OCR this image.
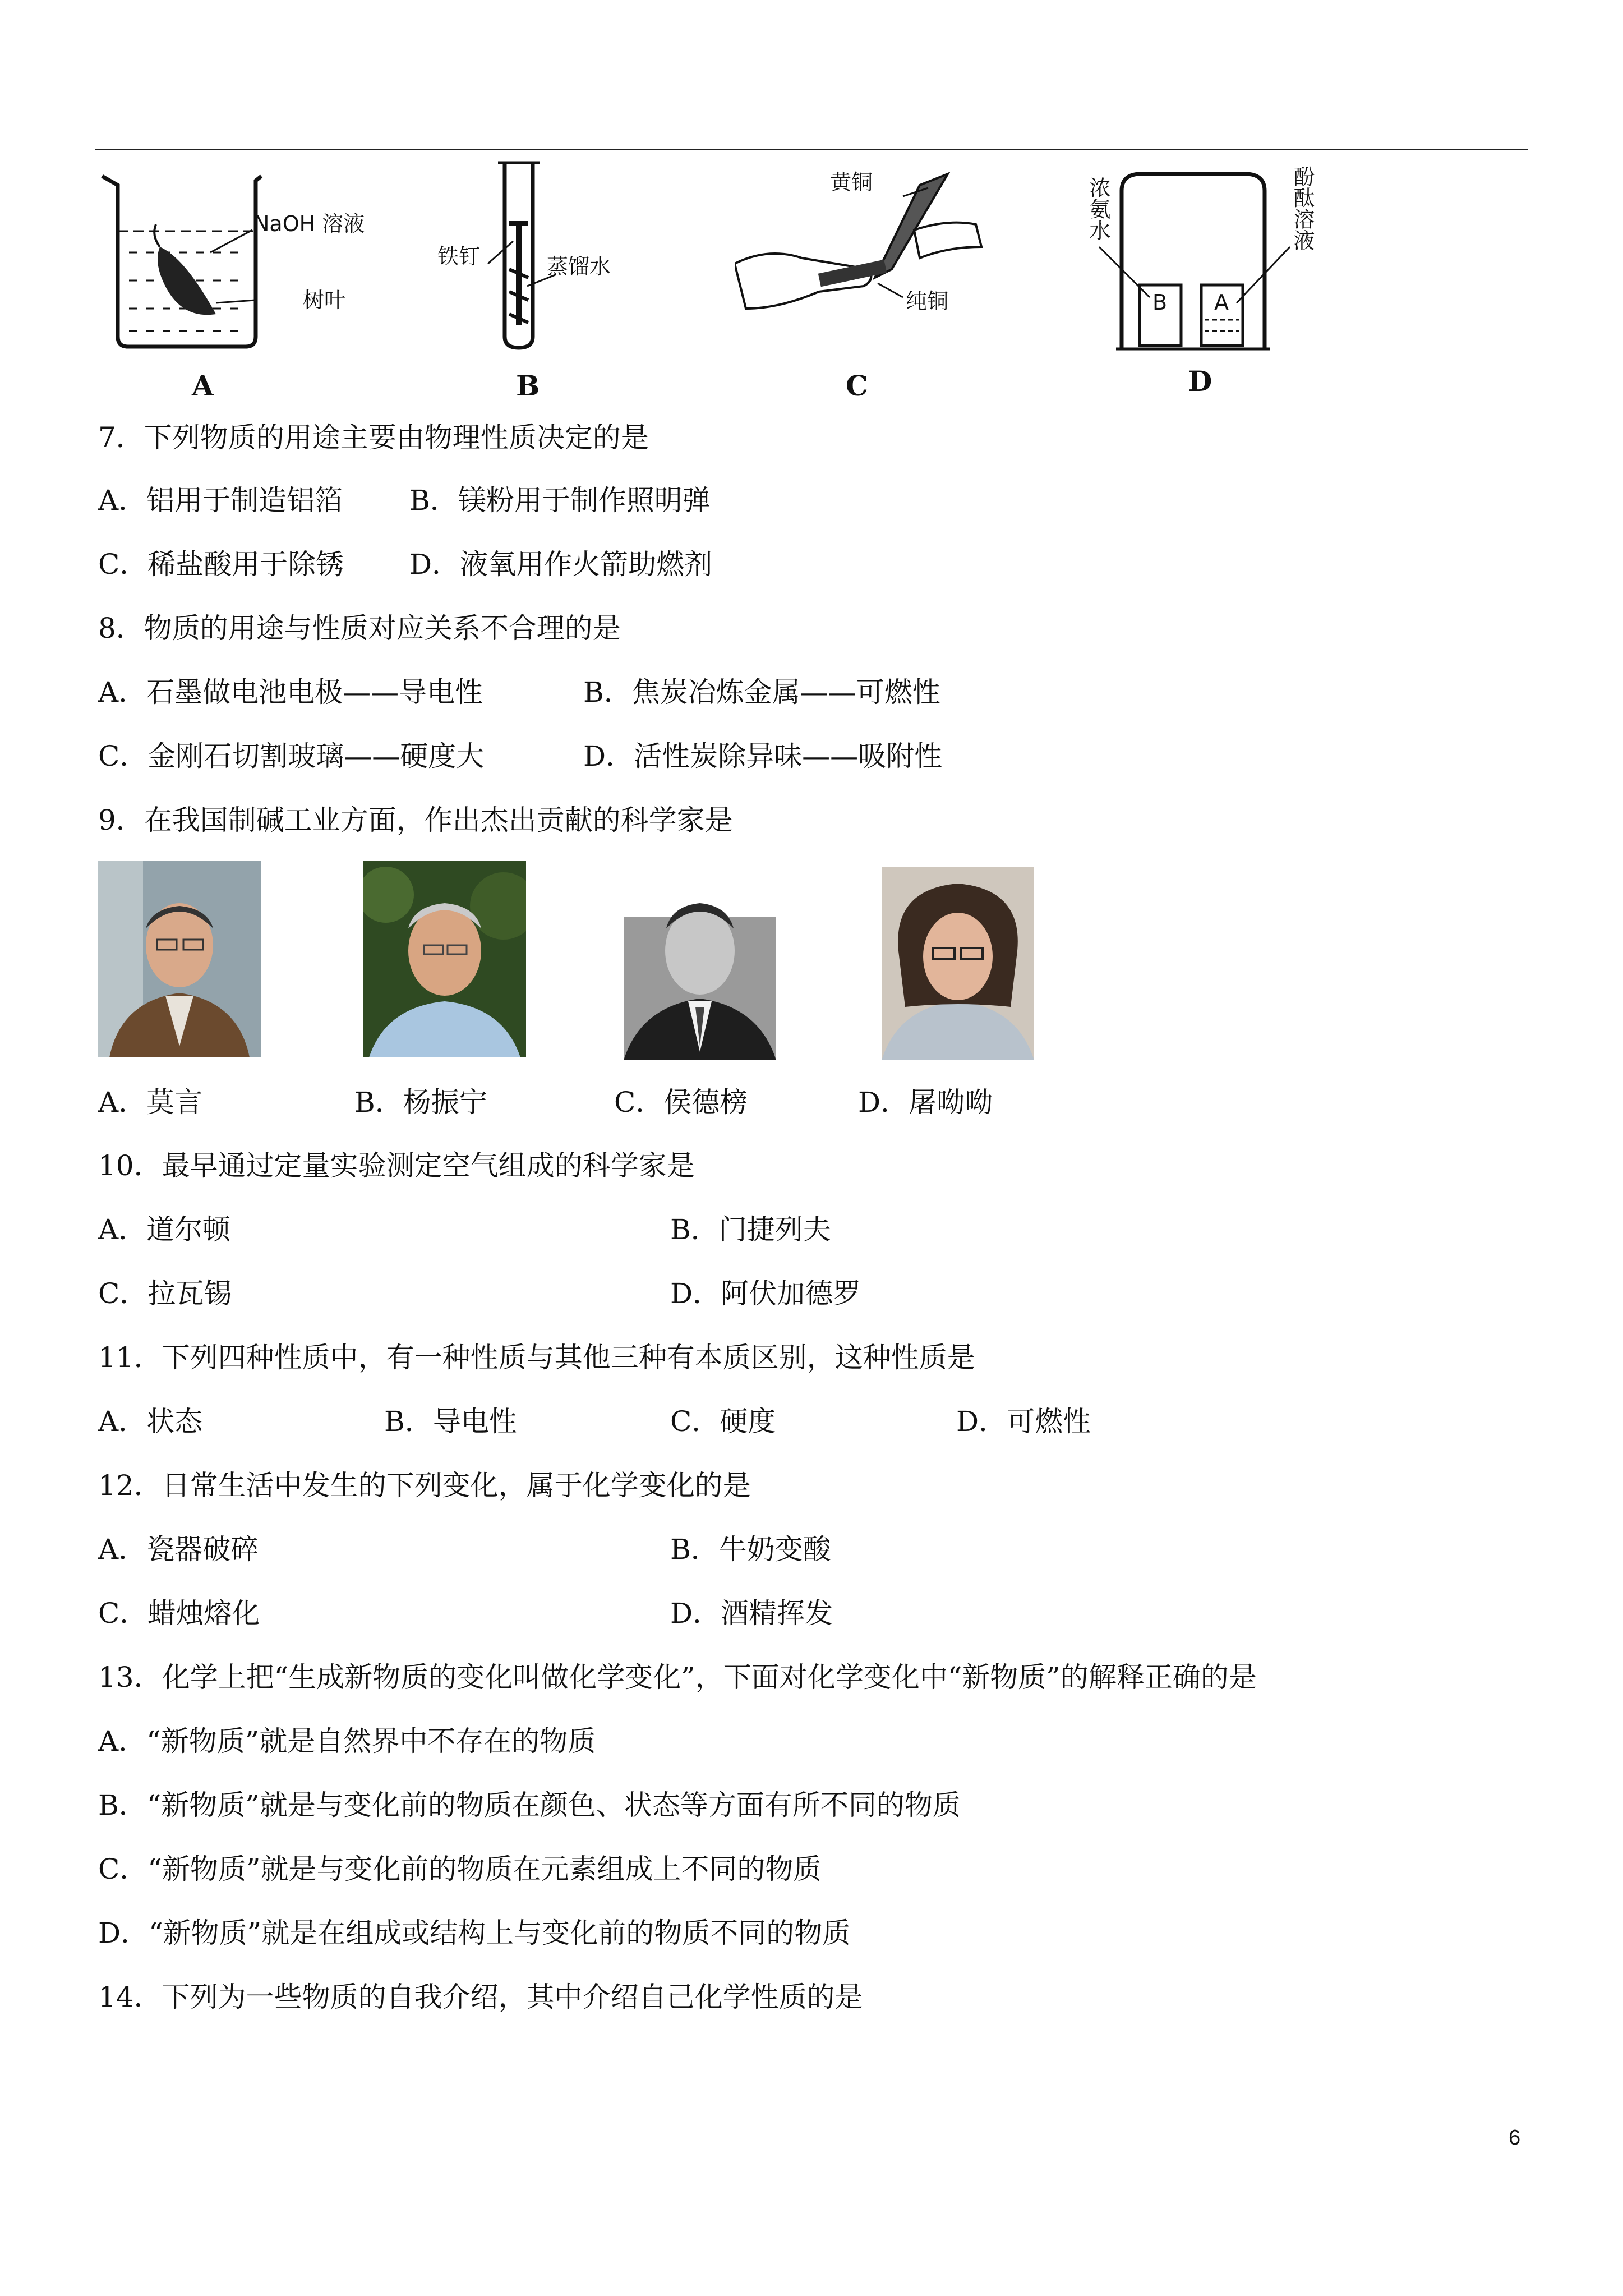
NaOH 溶液
树叶
A
铁钉	蒸馏水
B
黄铜
纯铜
C
B A
浓氨水	酚酞溶液
D
7．下列物质的用途主要由物理性质决定的是
A．铝用于制造铝箔 B．镁粉用于制作照明弹
C．稀盐酸用于除锈 D．液氧用作火箭助燃剂
8．物质的用途与性质对应关系不合理的是
A．石墨做电池电极——导电性	B．焦炭冶炼金属——可燃性
C．金刚石切割玻璃——硬度大	D．活性炭除异味——吸附性
9．在我国制碱工业方面，作出杰出贡献的科学家是
A．莫言	B．杨振宁	C．侯德榜	D．屠呦呦
10．最早通过定量实验测定空气组成的科学家是
A．道尔顿	B．门捷列夫
C．拉瓦锡	D．阿伏加德罗
11．下列四种性质中，有一种性质与其他三种有本质区别，这种性质是
A．状态	B．导电性	C．硬度	D．可燃性
12．日常生活中发生的下列变化，属于化学变化的是
A．瓷器破碎	B．牛奶变酸
C．蜡烛熔化	D．酒精挥发
13．化学上把“生成新物质的变化叫做化学变化”，下面对化学变化中“新物质”的解释正确的是
A．“新物质”就是自然界中不存在的物质
B．“新物质”就是与变化前的物质在颜色、状态等方面有所不同的物质
C．“新物质”就是与变化前的物质在元素组成上不同的物质
D．“新物质”就是在组成或结构上与变化前的物质不同的物质
14．下列为一些物质的自我介绍，其中介绍自己化学性质的是
6
